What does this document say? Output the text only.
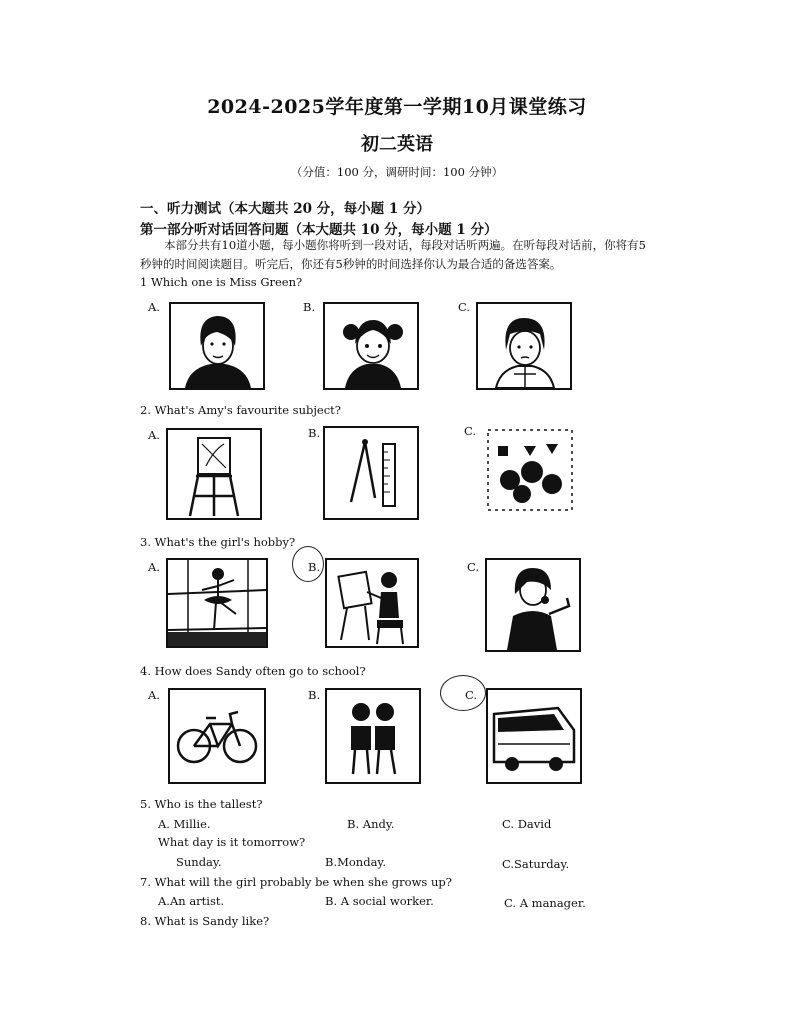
2024-2025学年度第一学期10月课堂练习
初二英语
（分值：100 分，调研时间：100 分钟）
一、听力测试（本大题共 20 分，每小题 1 分）
第一部分听对话回答问题（本大题共 10 分，每小题 1 分）
本部分共有10道小题，每小题你将听到一段对话，每段对话听两遍。在听每段对话前，你将有5秒钟的时间阅读题目。听完后，你还有5秒钟的时间选择你认为最合适的备选答案。
1 Which one is Miss Green?
A.	B.	C.
2. What's Amy's favourite subject?
A.	B.	C.
3. What's the girl's hobby?
A.	B.	C.
4. How does Sandy often go to school?
A.	B.	C.
5. Who is the tallest?
A. Millie.	B. Andy.	C. David
What day is it tomorrow?
Sunday.	B.Monday.	C.Saturday.
7. What will the girl probably be when she grows up?
A.An artist.	B. A social worker.	C. A manager.
8. What is Sandy like?
